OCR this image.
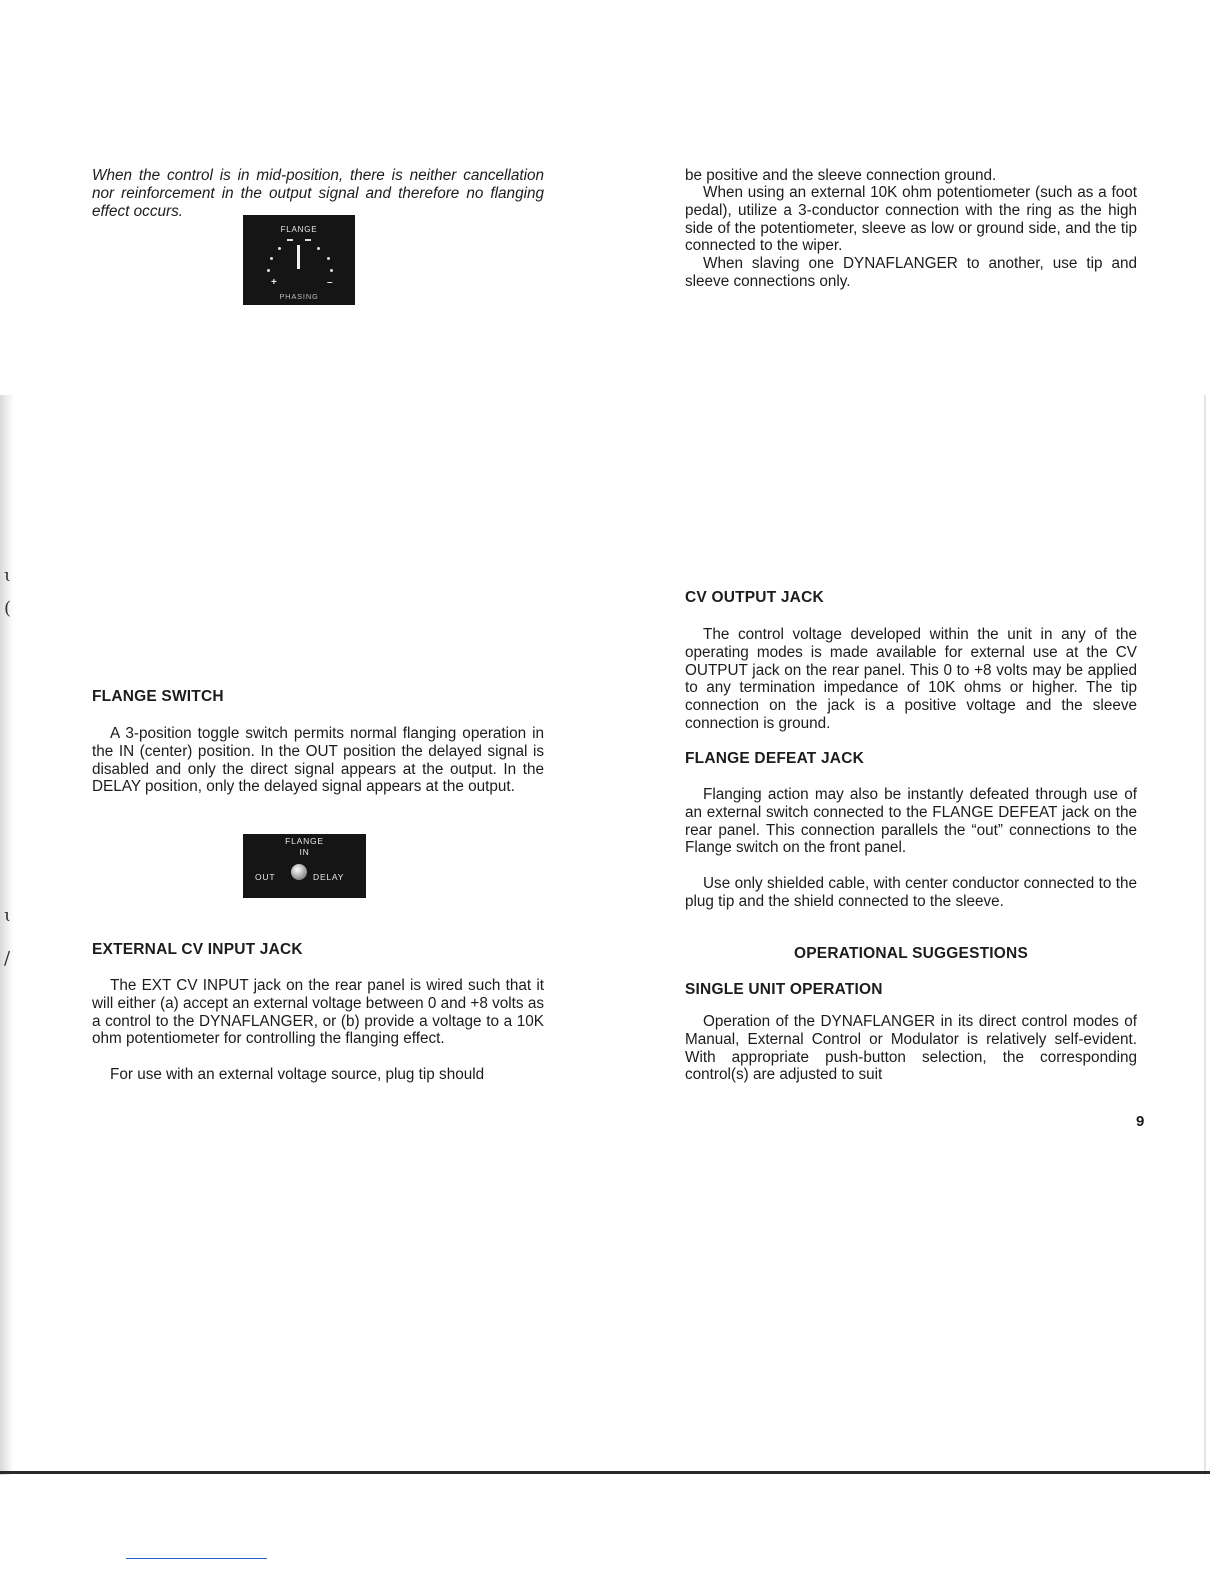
ɩ
(
ɩ
/

When the control is in mid-position, there is neither cancellation nor reinforcement in the output signal and therefore no flanging effect occurs.

FLANGE
+	–
PHASING
FLANGE SWITCH

A 3-position toggle switch permits normal flanging operation in the IN (center) position. In the OUT position the delayed signal is disabled and only the direct signal appears at the output. In the DELAY position, only the delayed signal appears at the output.

FLANGE
IN
OUT	DELAY
EXTERNAL CV INPUT JACK

The EXT CV INPUT jack on the rear panel is wired such that it will either (a) accept an external voltage between 0 and +8 volts as a control to the DYNAFLANGER, or (b) provide a voltage to a 10K ohm potentiometer for controlling the flanging effect.

For use with an external voltage source, plug tip should

be positive and the sleeve connection ground.

When using an external 10K ohm potentiometer (such as a foot pedal), utilize a 3-conductor connection with the ring as the high side of the potentiometer, sleeve as low or ground side, and the tip connected to the wiper.

When slaving one DYNAFLANGER to another, use tip and sleeve connections only.

CV OUTPUT JACK

The control voltage developed within the unit in any of the operating modes is made available for external use at the CV OUTPUT jack on the rear panel. This 0 to +8 volts may be applied to any termination impedance of 10K ohms or higher. The tip connection on the jack is a positive voltage and the sleeve connection is ground.

FLANGE DEFEAT JACK

Flanging action may also be instantly defeated through use of an external switch connected to the FLANGE DEFEAT jack on the rear panel. This connection parallels the “out” connections to the Flange switch on the front panel.

Use only shielded cable, with center conductor connected to the plug tip and the shield connected to the sleeve.

OPERATIONAL SUGGESTIONS
SINGLE UNIT OPERATION

Operation of the DYNAFLANGER in its direct control modes of Manual, External Control or Modulator is relatively self-evident. With appropriate push-button selection, the corresponding control(s) are adjusted to suit

9
